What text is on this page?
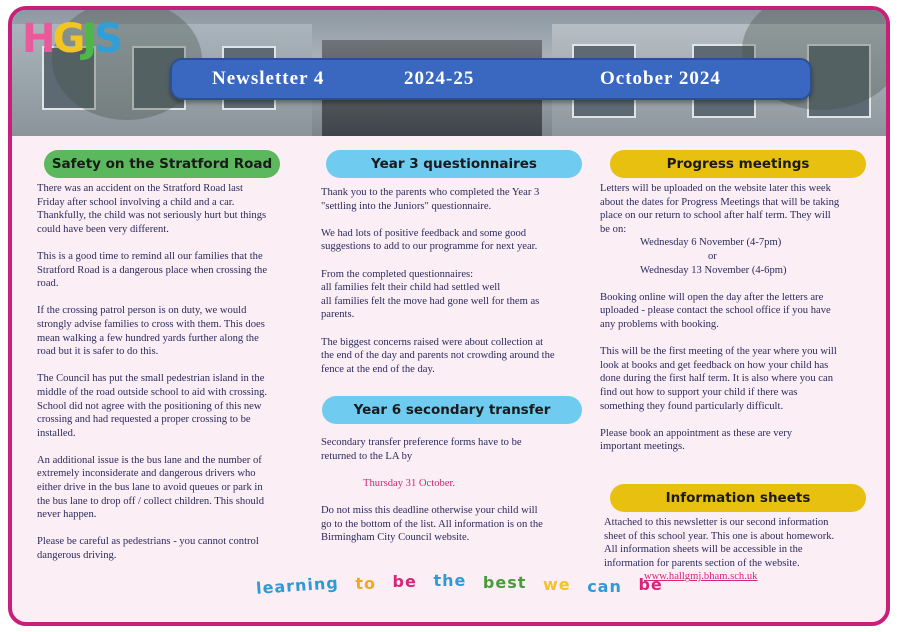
HGJS
Newsletter 4	2024-25	October 2024
Safety on the Stratford Road

There was an accident on the Stratford Road last
Friday after school involving a child and a car.
Thankfully, the child was not seriously hurt but things
could have been very different.

This is a good time to remind all our families that the
Stratford Road is a dangerous place when crossing the
road.

If the crossing patrol person is on duty, we would
strongly advise families to cross with them. This does
mean walking a few hundred yards further along the
road but it is safer to do this.

The Council has put the small pedestrian island in the
middle of the road outside school to aid with crossing.
School did not agree with the positioning of this new
crossing and had requested a proper crossing to be
installed.

An additional issue is the bus lane and the number of
extremely inconsiderate and dangerous drivers who
either drive in the bus lane to avoid queues or park in
the bus lane to drop off / collect children. This should
never happen.

Please be careful as pedestrians - you cannot control
dangerous driving.

Year 3 questionnaires

Thank you to the parents who completed the Year 3
"settling into the Juniors" questionnaire.

We had lots of positive feedback and some good
suggestions to add to our programme for next year.

From the completed questionnaires:
all families felt their child had settled well
all families felt the move had gone well for them as
parents.

The biggest concerns raised were about collection at
the end of the day and parents not crowding around the
fence at the end of the day.

Year 6 secondary transfer

Secondary transfer preference forms have to be
returned to the LA by

Thursday 31 October.

Do not miss this deadline otherwise your child will
go to the bottom of the list. All information is on the
Birmingham City Council website.

Progress meetings

Letters will be uploaded on the website later this week
about the dates for Progress Meetings that will be taking
place on our return to school after half term. They will
be on:

Wednesday 6 November (4-7pm)
or

Wednesday 13 November (4-6pm)

Booking online will open the day after the letters are
uploaded - please contact the school office if you have
any problems with booking.

This will be the first meeting of the year where you will
look at books and get feedback on how your child has
done during the first half term. It is also where you can
find out how to support your child if there was
something they found particularly difficult.

Please book an appointment as these are very
important meetings.

Information sheets
Attached to this newsletter is our second information
sheet of this school year. This one is about homework.
All information sheets will be accessible in the
information for parents section of the website.
www.hallgmj.bham.sch.uk
learning to be the best we can be
